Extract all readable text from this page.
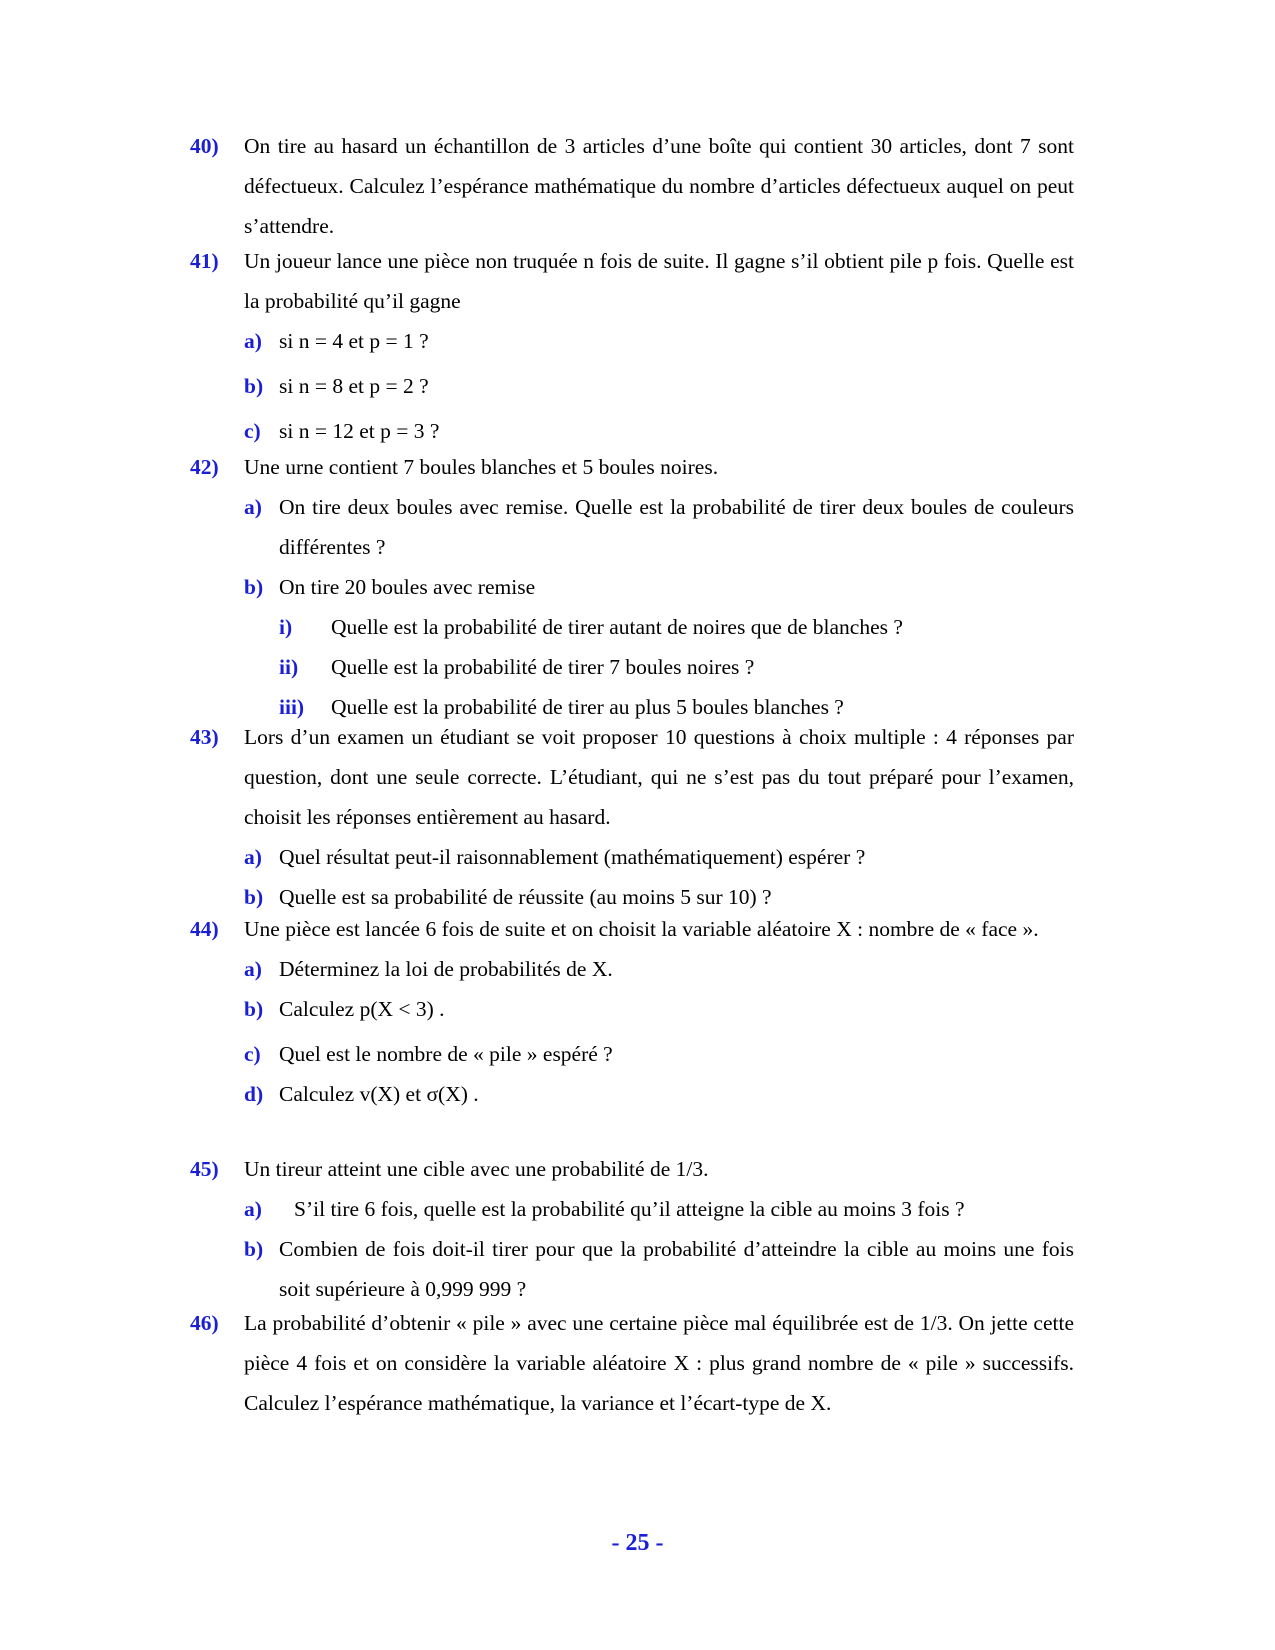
40) On tire au hasard un échantillon de 3 articles d’une boîte qui contient 30 articles, dont 7 sont défectueux. Calculez l’espérance mathématique du nombre d’articles défectueux auquel on peut s’attendre.
41) Un joueur lance une pièce non truquée n fois de suite. Il gagne s’il obtient pile p fois. Quelle est la probabilité qu’il gagne
a) si n = 4 et p = 1 ?
b) si n = 8 et p = 2 ?
c) si n = 12 et p = 3 ?
42) Une urne contient 7 boules blanches et 5 boules noires.
a) On tire deux boules avec remise. Quelle est la probabilité de tirer deux boules de couleurs différentes ?
b) On tire 20 boules avec remise
i) Quelle est la probabilité de tirer autant de noires que de blanches ?
ii) Quelle est la probabilité de tirer 7 boules noires ?
iii) Quelle est la probabilité de tirer au plus 5 boules blanches ?
43) Lors d’un examen un étudiant se voit proposer 10 questions à choix multiple : 4 réponses par question, dont une seule correcte. L’étudiant, qui ne s’est pas du tout préparé pour l’examen, choisit les réponses entièrement au hasard.
a) Quel résultat peut-il raisonnablement (mathématiquement) espérer ?
b) Quelle est sa probabilité de réussite (au moins 5 sur 10) ?
44) Une pièce est lancée 6 fois de suite et on choisit la variable aléatoire X : nombre de « face ».
a) Déterminez la loi de probabilités de X.
b) Calculez p(X < 3) .
c) Quel est le nombre de « pile » espéré ?
d) Calculez v(X) et σ(X) .
45) Un tireur atteint une cible avec une probabilité de 1/3.
a) S’il tire 6 fois, quelle est la probabilité qu’il atteigne la cible au moins 3 fois ?
b) Combien de fois doit-il tirer pour que la probabilité d’atteindre la cible au moins une fois soit supérieure à 0,999 999 ?
46) La probabilité d’obtenir « pile » avec une certaine pièce mal équilibrée est de 1/3. On jette cette pièce 4 fois et on considère la variable aléatoire X : plus grand nombre de « pile » successifs. Calculez l’espérance mathématique, la variance et l’écart-type de X.
- 25 -
